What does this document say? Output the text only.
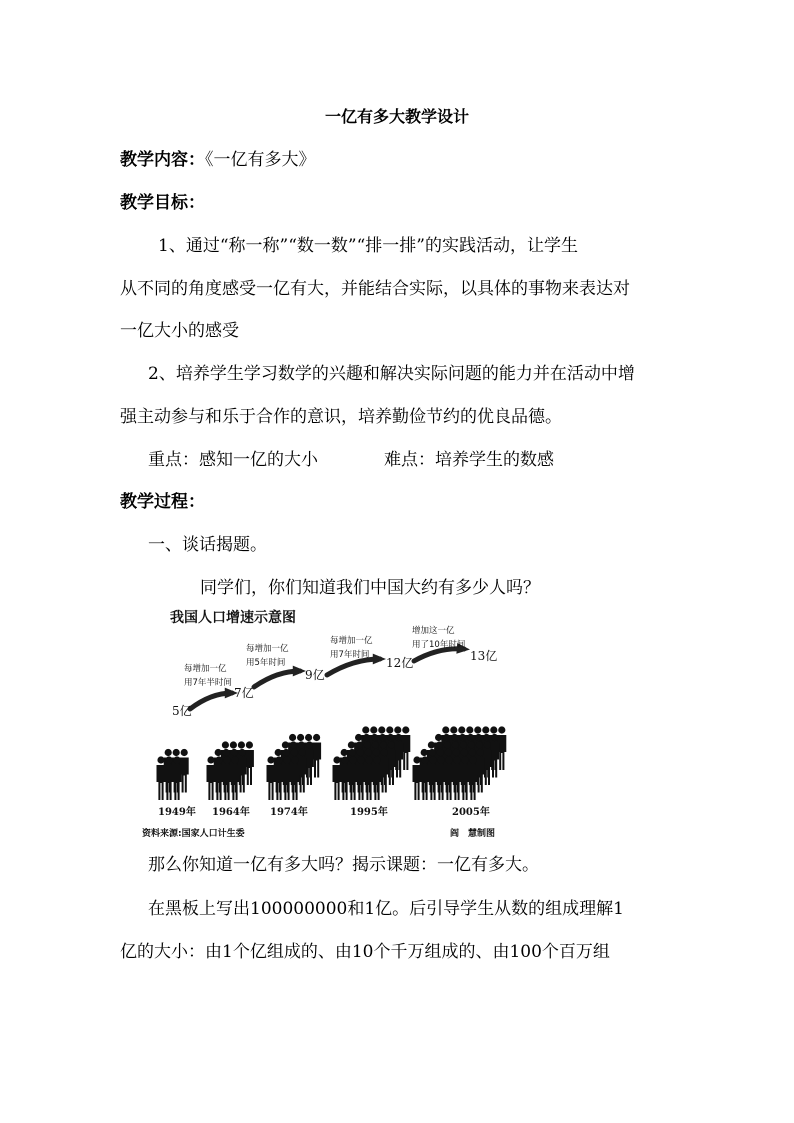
一亿有多大教学设计
教学内容：《一亿有多大》
教学目标：
1、通过“称一称”“数一数”“排一排”的实践活动，让学生
从不同的角度感受一亿有大，并能结合实际，以具体的事物来表达对
一亿大小的感受
2、培养学生学习数学的兴趣和解决实际问题的能力并在活动中增
强主动参与和乐于合作的意识，培养勤俭节约的优良品德。
重点：感知一亿的大小	难点：培养学生的数感
教学过程：
一、谈话揭题。
同学们，你们知道我们中国大约有多少人吗？
我国人口增速示意图
每增加一亿
用7年半时间
每增加一亿
用5年时间
每增加一亿
用7年时间
增加这一亿
用了10年时间
5亿
7亿
9亿
12亿	13亿
1949年 1964年 1974年	1995年	2005年
资料来源:国家人口计生委	阎　慧制图
那么你知道一亿有多大吗？揭示课题：一亿有多大。
在黑板上写出100000000和1亿。后引导学生从数的组成理解1
亿的大小：由1个亿组成的、由10个千万组成的、由100个百万组
